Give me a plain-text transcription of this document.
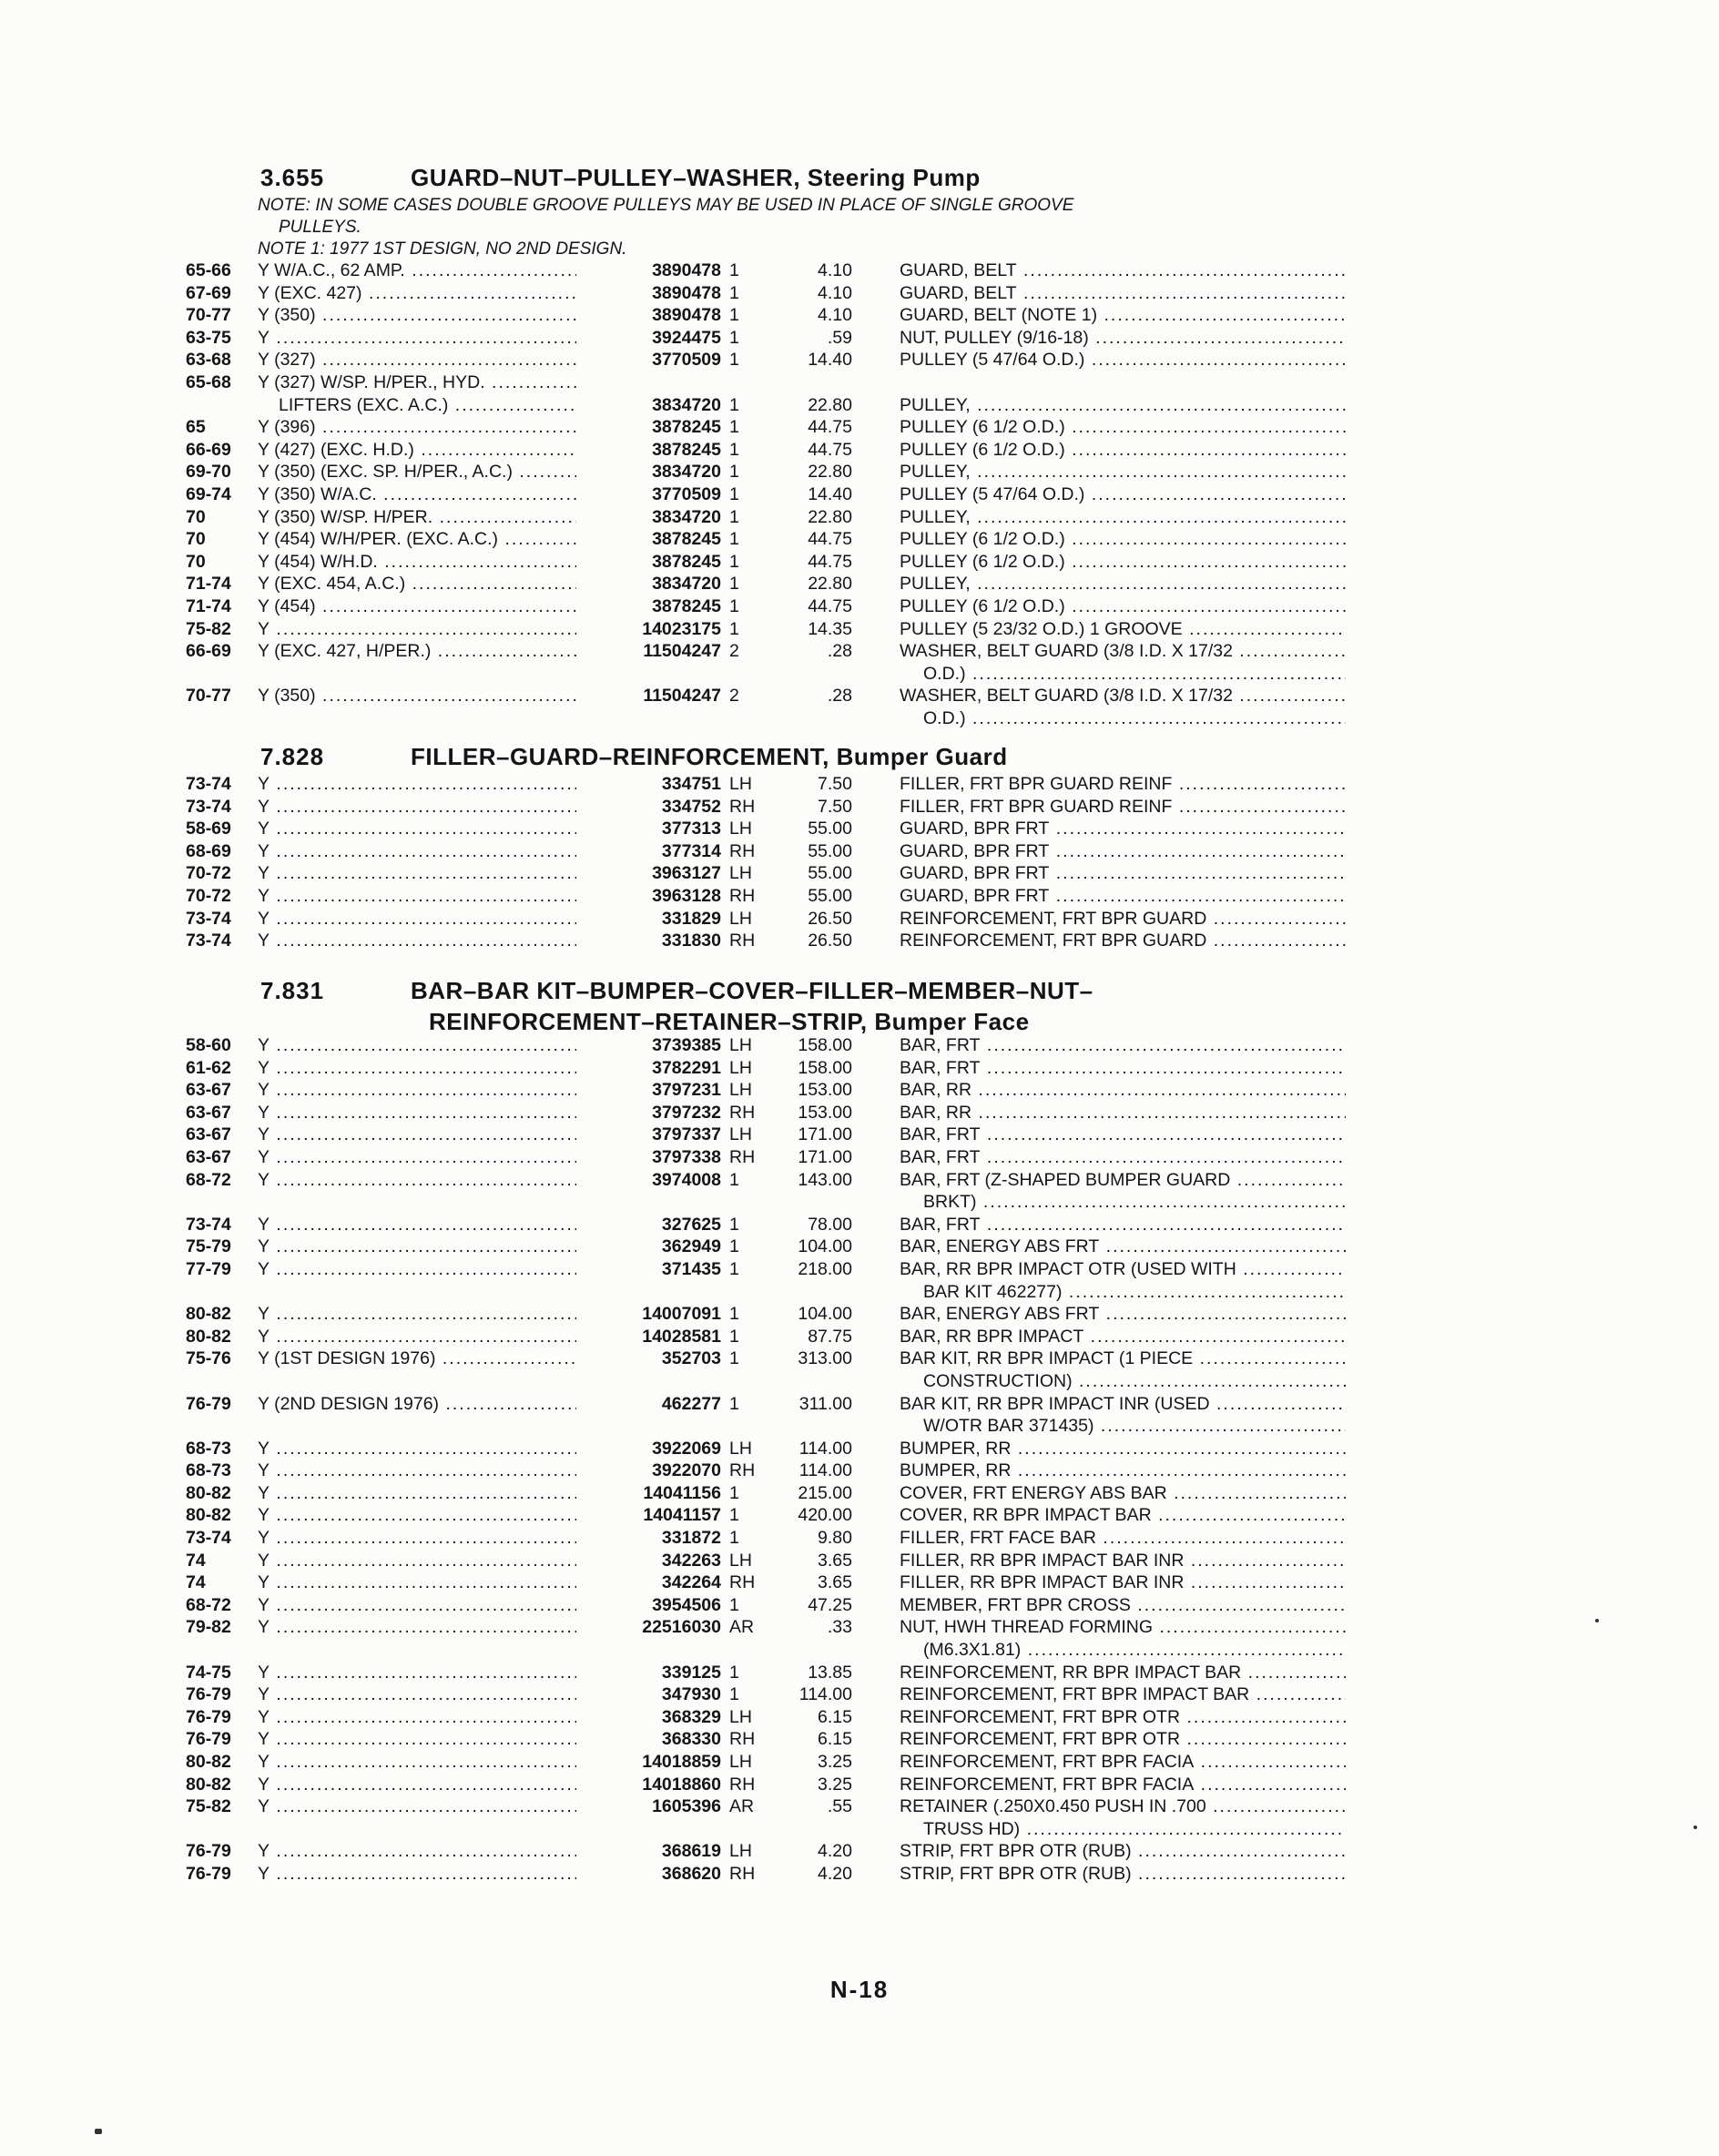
3.655	GUARD–NUT–PULLEY–WASHER, Steering Pump
NOTE: IN SOME CASES DOUBLE GROOVE PULLEYS MAY BE USED IN PLACE OF SINGLE GROOVE
PULLEYS.
NOTE 1: 1977 1ST DESIGN, NO 2ND DESIGN.
65-66	Y W/A.C., 62 AMP. .....	3890478 1	4.10	GUARD, BELT .....
67-69	Y (EXC. 427) .....	3890478 1	4.10	GUARD, BELT .....
70-77	Y (350) .....	3890478 1	4.10	GUARD, BELT (NOTE 1) .....
63-75	Y .....	3924475 1	.59	NUT, PULLEY (9/16-18) .....
63-68	Y (327) .....	3770509 1	14.40	PULLEY (5 47/64 O.D.) .....
65-68	Y (327) W/SP. H/PER., HYD. .....
LIFTERS (EXC. A.C.) .....	3834720 1	22.80	PULLEY, .....
65	Y (396) .....	3878245 1	44.75	PULLEY (6 1/2 O.D.) .....
66-69	Y (427) (EXC. H.D.) .....	3878245 1	44.75	PULLEY (6 1/2 O.D.) .....
69-70	Y (350) (EXC. SP. H/PER., A.C.) .....	3834720 1	22.80	PULLEY, .....
69-74	Y (350) W/A.C. .....	3770509 1	14.40	PULLEY (5 47/64 O.D.) .....
70	Y (350) W/SP. H/PER. .....	3834720 1	22.80	PULLEY, .....
70	Y (454) W/H/PER. (EXC. A.C.) .....	3878245 1	44.75	PULLEY (6 1/2 O.D.) .....
70	Y (454) W/H.D. .....	3878245 1	44.75	PULLEY (6 1/2 O.D.) .....
71-74	Y (EXC. 454, A.C.) .....	3834720 1	22.80	PULLEY, .....
71-74	Y (454) .....	3878245 1	44.75	PULLEY (6 1/2 O.D.) .....
75-82	Y .....	14023175 1	14.35	PULLEY (5 23/32 O.D.) 1 GROOVE .....
66-69	Y (EXC. 427, H/PER.) .....	11504247 2	.28	WASHER, BELT GUARD (3/8 I.D. X 17/32 .....
O.D.) .....
70-77	Y (350) .....	11504247 2	.28	WASHER, BELT GUARD (3/8 I.D. X 17/32 .....
O.D.) .....
7.828	FILLER–GUARD–REINFORCEMENT, Bumper Guard
73-74	Y .....	334751 LH	7.50	FILLER, FRT BPR GUARD REINF .....
73-74	Y .....	334752 RH	7.50	FILLER, FRT BPR GUARD REINF .....
58-69	Y .....	377313 LH	55.00	GUARD, BPR FRT .....
68-69	Y .....	377314 RH	55.00	GUARD, BPR FRT .....
70-72	Y .....	3963127 LH	55.00	GUARD, BPR FRT .....
70-72	Y .....	3963128 RH	55.00	GUARD, BPR FRT .....
73-74	Y .....	331829 LH	26.50	REINFORCEMENT, FRT BPR GUARD .....
73-74	Y .....	331830 RH	26.50	REINFORCEMENT, FRT BPR GUARD .....
7.831	BAR–BAR KIT–BUMPER–COVER–FILLER–MEMBER–NUT–
REINFORCEMENT–RETAINER–STRIP, Bumper Face
58-60	Y .....	3739385 LH	158.00	BAR, FRT .....
61-62	Y .....	3782291 LH	158.00	BAR, FRT .....
63-67	Y .....	3797231 LH	153.00	BAR, RR .....
63-67	Y .....	3797232 RH	153.00	BAR, RR .....
63-67	Y .....	3797337 LH	171.00	BAR, FRT .....
63-67	Y .....	3797338 RH	171.00	BAR, FRT .....
68-72	Y .....	3974008 1	143.00	BAR, FRT (Z-SHAPED BUMPER GUARD .....
BRKT) .....
73-74	Y .....	327625 1	78.00	BAR, FRT .....
75-79	Y .....	362949 1	104.00	BAR, ENERGY ABS FRT .....
77-79	Y .....	371435 1	218.00	BAR, RR BPR IMPACT OTR (USED WITH .....
BAR KIT 462277) .....
80-82	Y .....	14007091 1	104.00	BAR, ENERGY ABS FRT .....
80-82	Y .....	14028581 1	87.75	BAR, RR BPR IMPACT .....
75-76	Y (1ST DESIGN 1976) .....	352703 1	313.00	BAR KIT, RR BPR IMPACT (1 PIECE .....
CONSTRUCTION) .....
76-79	Y (2ND DESIGN 1976) .....	462277 1	311.00	BAR KIT, RR BPR IMPACT INR (USED .....
W/OTR BAR 371435) .....
68-73	Y .....	3922069 LH	114.00	BUMPER, RR .....
68-73	Y .....	3922070 RH	114.00	BUMPER, RR .....
80-82	Y .....	14041156 1	215.00	COVER, FRT ENERGY ABS BAR .....
80-82	Y .....	14041157 1	420.00	COVER, RR BPR IMPACT BAR .....
73-74	Y .....	331872 1	9.80	FILLER, FRT FACE BAR .....
74	Y .....	342263 LH	3.65	FILLER, RR BPR IMPACT BAR INR .....
74	Y .....	342264 RH	3.65	FILLER, RR BPR IMPACT BAR INR .....
68-72	Y .....	3954506 1	47.25	MEMBER, FRT BPR CROSS .....
79-82	Y .....	22516030 AR	.33	NUT, HWH THREAD FORMING .....
(M6.3X1.81) .....
74-75	Y .....	339125 1	13.85	REINFORCEMENT, RR BPR IMPACT BAR .....
76-79	Y .....	347930 1	114.00	REINFORCEMENT, FRT BPR IMPACT BAR .....
76-79	Y .....	368329 LH	6.15	REINFORCEMENT, FRT BPR OTR .....
76-79	Y .....	368330 RH	6.15	REINFORCEMENT, FRT BPR OTR .....
80-82	Y .....	14018859 LH	3.25	REINFORCEMENT, FRT BPR FACIA .....
80-82	Y .....	14018860 RH	3.25	REINFORCEMENT, FRT BPR FACIA .....
75-82	Y .....	1605396 AR	.55	RETAINER (.250X0.450 PUSH IN .700 .....
TRUSS HD) .....
76-79	Y .....	368619 LH	4.20	STRIP, FRT BPR OTR (RUB) .....
76-79	Y .....	368620 RH	4.20	STRIP, FRT BPR OTR (RUB) .....
N-18
